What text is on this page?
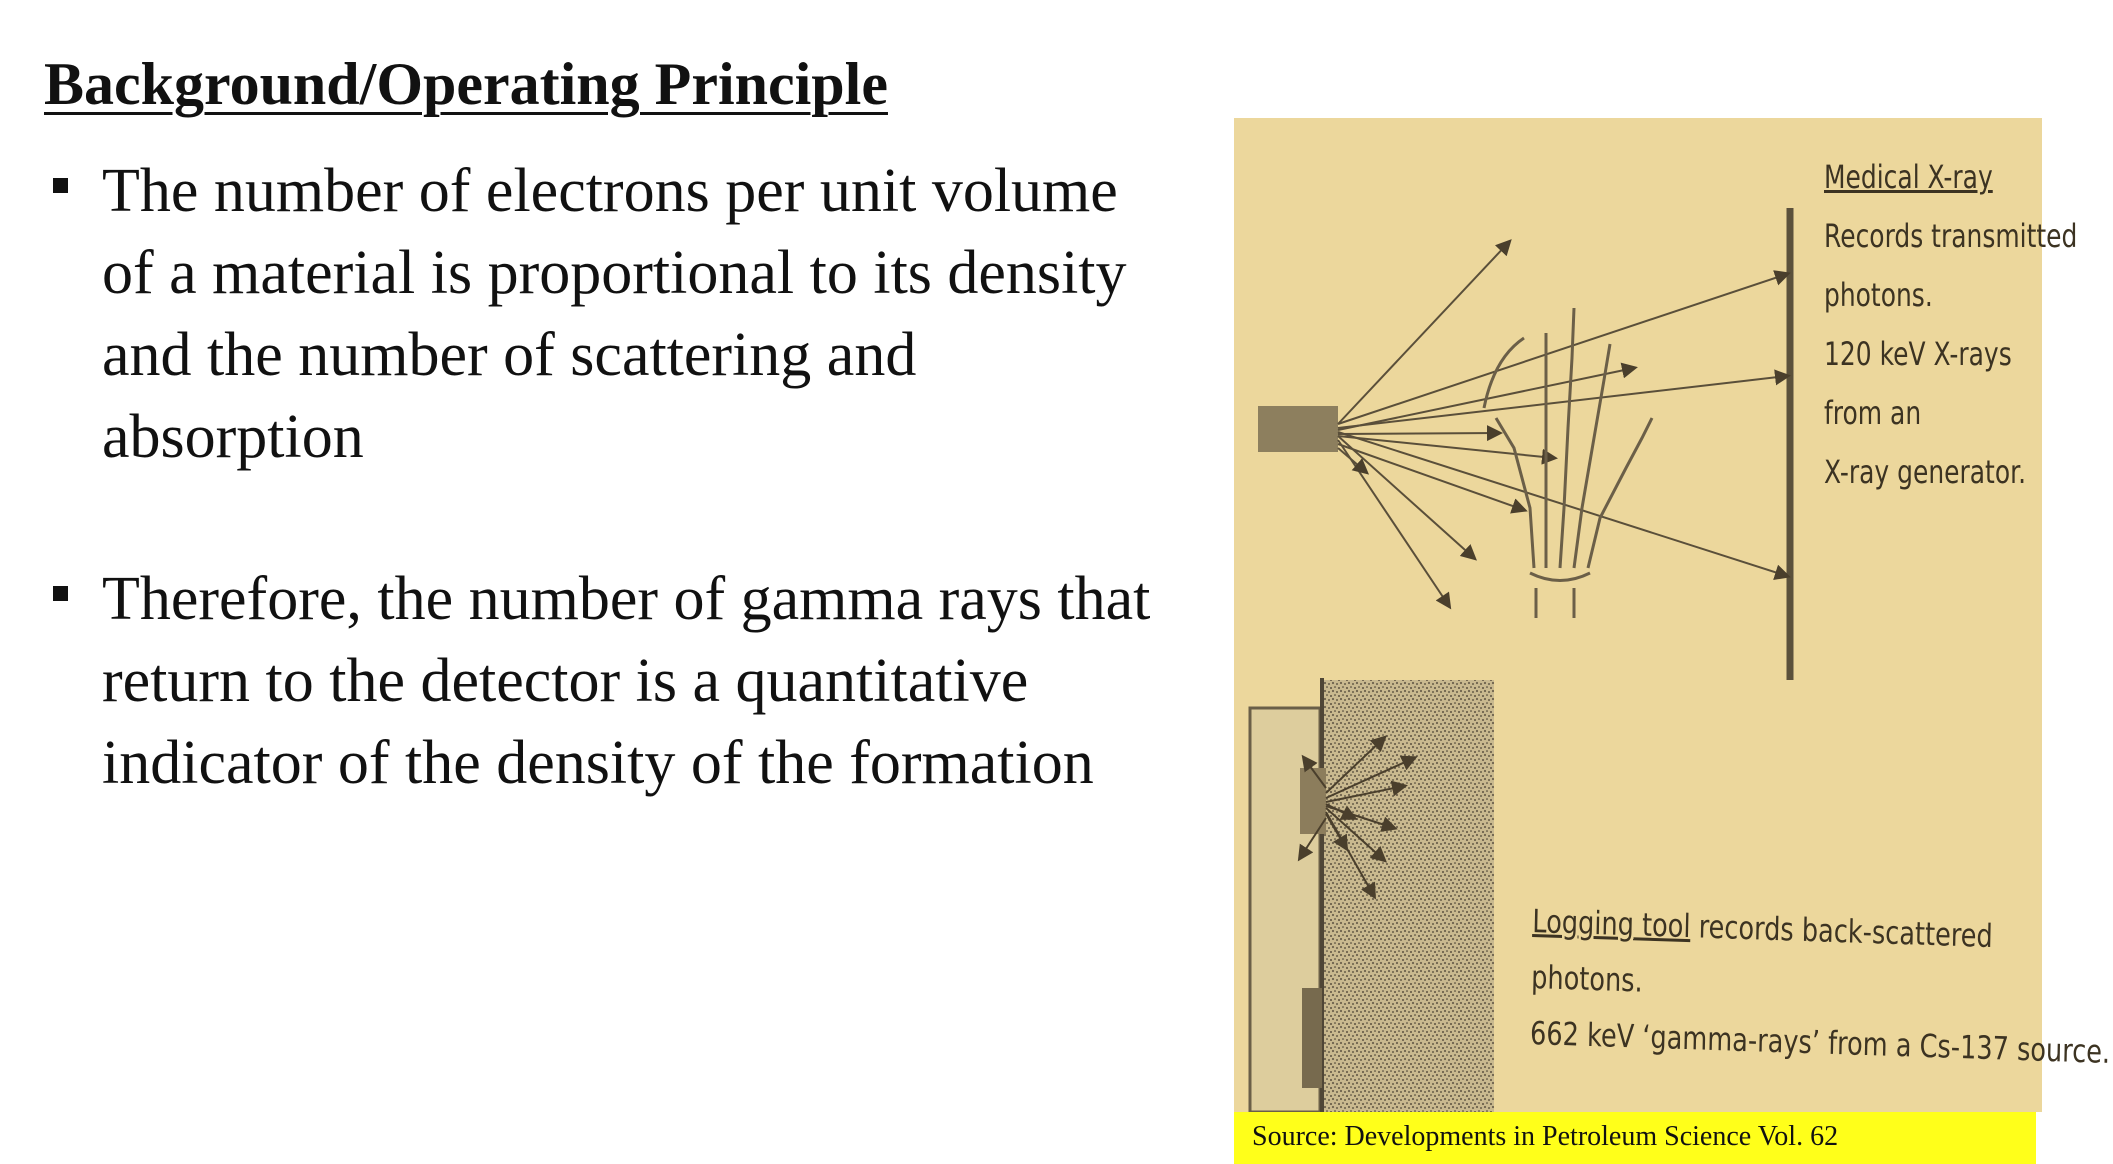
Background/Operating Principle
The number of electrons per unit volume of a material is proportional to its density and the number of scattering and absorption
Therefore, the number of gamma rays that return to the detector is a quantitative indicator of the density of the formation
Medical X-ray
Records transmitted
photons.
120 keV X-rays
from an
X-ray generator.
Logging tool records back-scattered
photons.
662 keV ‘gamma-rays’ from a Cs-137 source.
Source: Developments in Petroleum Science Vol. 62
